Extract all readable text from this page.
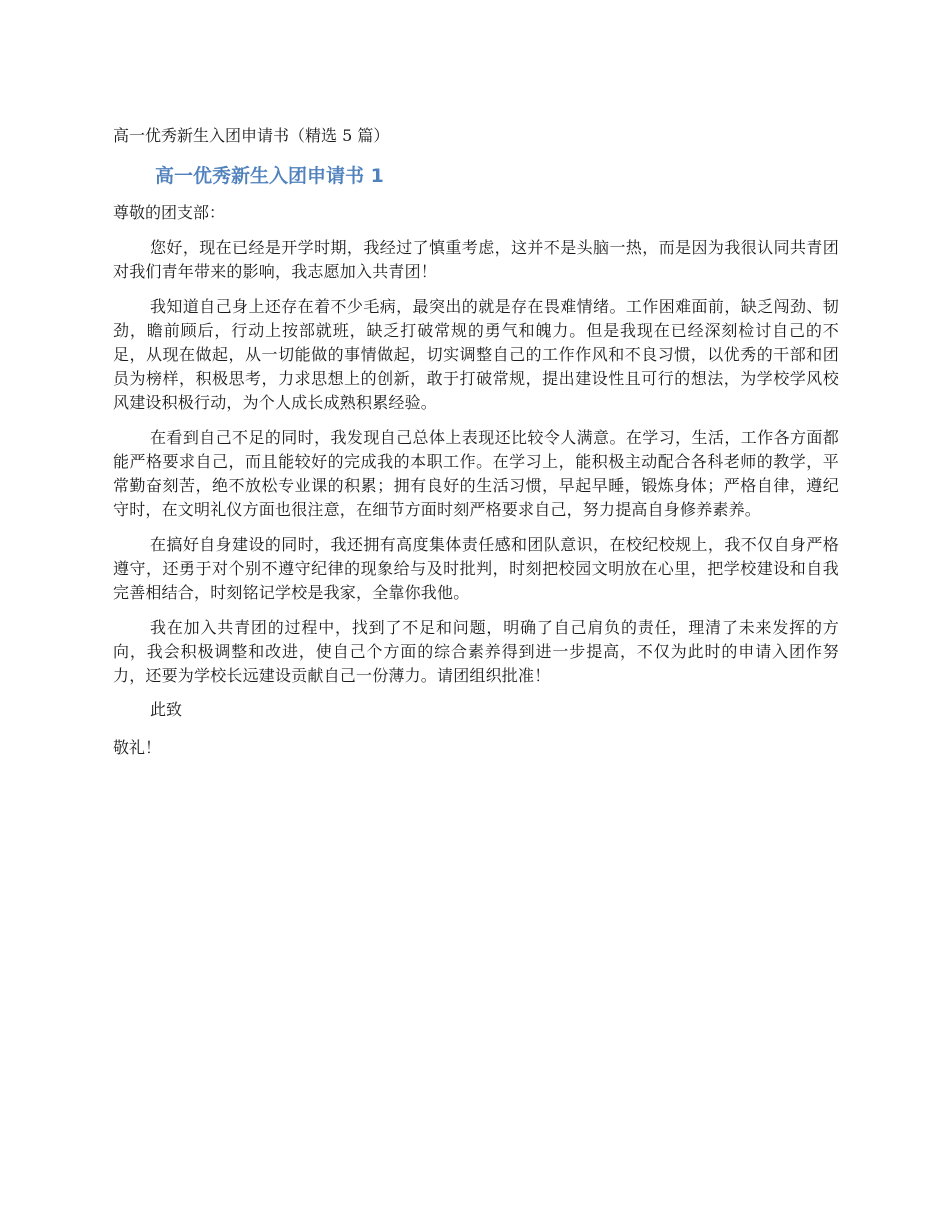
高一优秀新生入团申请书（精选 5 篇）

高一优秀新生入团申请书 1

尊敬的团支部：

您好，现在已经是开学时期，我经过了慎重考虑，这并不是头脑一热，而是因为我很认同共青团对我们青年带来的影响，我志愿加入共青团！

我知道自己身上还存在着不少毛病，最突出的就是存在畏难情绪。工作困难面前，缺乏闯劲、韧劲，瞻前顾后，行动上按部就班，缺乏打破常规的勇气和魄力。但是我现在已经深刻检讨自己的不足，从现在做起，从一切能做的事情做起，切实调整自己的工作作风和不良习惯，以优秀的干部和团员为榜样，积极思考，力求思想上的创新，敢于打破常规，提出建设性且可行的想法，为学校学风校风建设积极行动，为个人成长成熟积累经验。

在看到自己不足的同时，我发现自己总体上表现还比较令人满意。在学习，生活，工作各方面都能严格要求自己，而且能较好的完成我的本职工作。在学习上，能积极主动配合各科老师的教学，平常勤奋刻苦，绝不放松专业课的积累；拥有良好的生活习惯，早起早睡，锻炼身体；严格自律，遵纪守时，在文明礼仪方面也很注意，在细节方面时刻严格要求自己，努力提高自身修养素养。

在搞好自身建设的同时，我还拥有高度集体责任感和团队意识，在校纪校规上，我不仅自身严格遵守，还勇于对个别不遵守纪律的现象给与及时批判，时刻把校园文明放在心里，把学校建设和自我完善相结合，时刻铭记学校是我家，全靠你我他。

我在加入共青团的过程中，找到了不足和问题，明确了自己肩负的责任，理清了未来发挥的方向，我会积极调整和改进，使自己个方面的综合素养得到进一步提高，不仅为此时的申请入团作努力，还要为学校长远建设贡献自己一份薄力。请团组织批准！

此致

敬礼！
